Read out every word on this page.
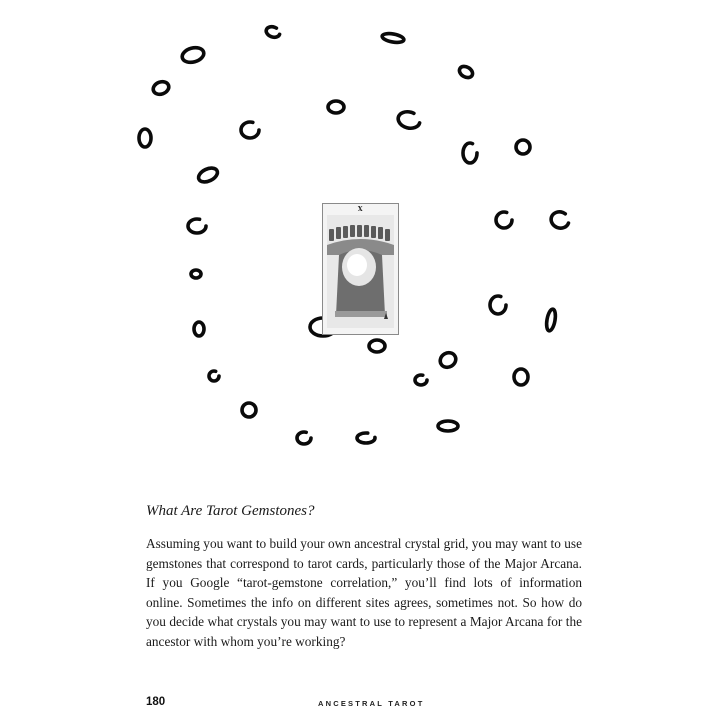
X
What Are Tarot Gemstones?

Assuming you want to build your own ancestral crystal grid, you may want to use gemstones that correspond to tarot cards, particularly those of the Major Arcana. If you Google “tarot-gemstone correlation,” you’ll find lots of information online. Sometimes the info on different sites agrees, sometimes not. So how do you decide what crystals you may want to use to represent a Major Arcana for the ancestor with whom you’re working?

180	ANCESTRAL TAROT
